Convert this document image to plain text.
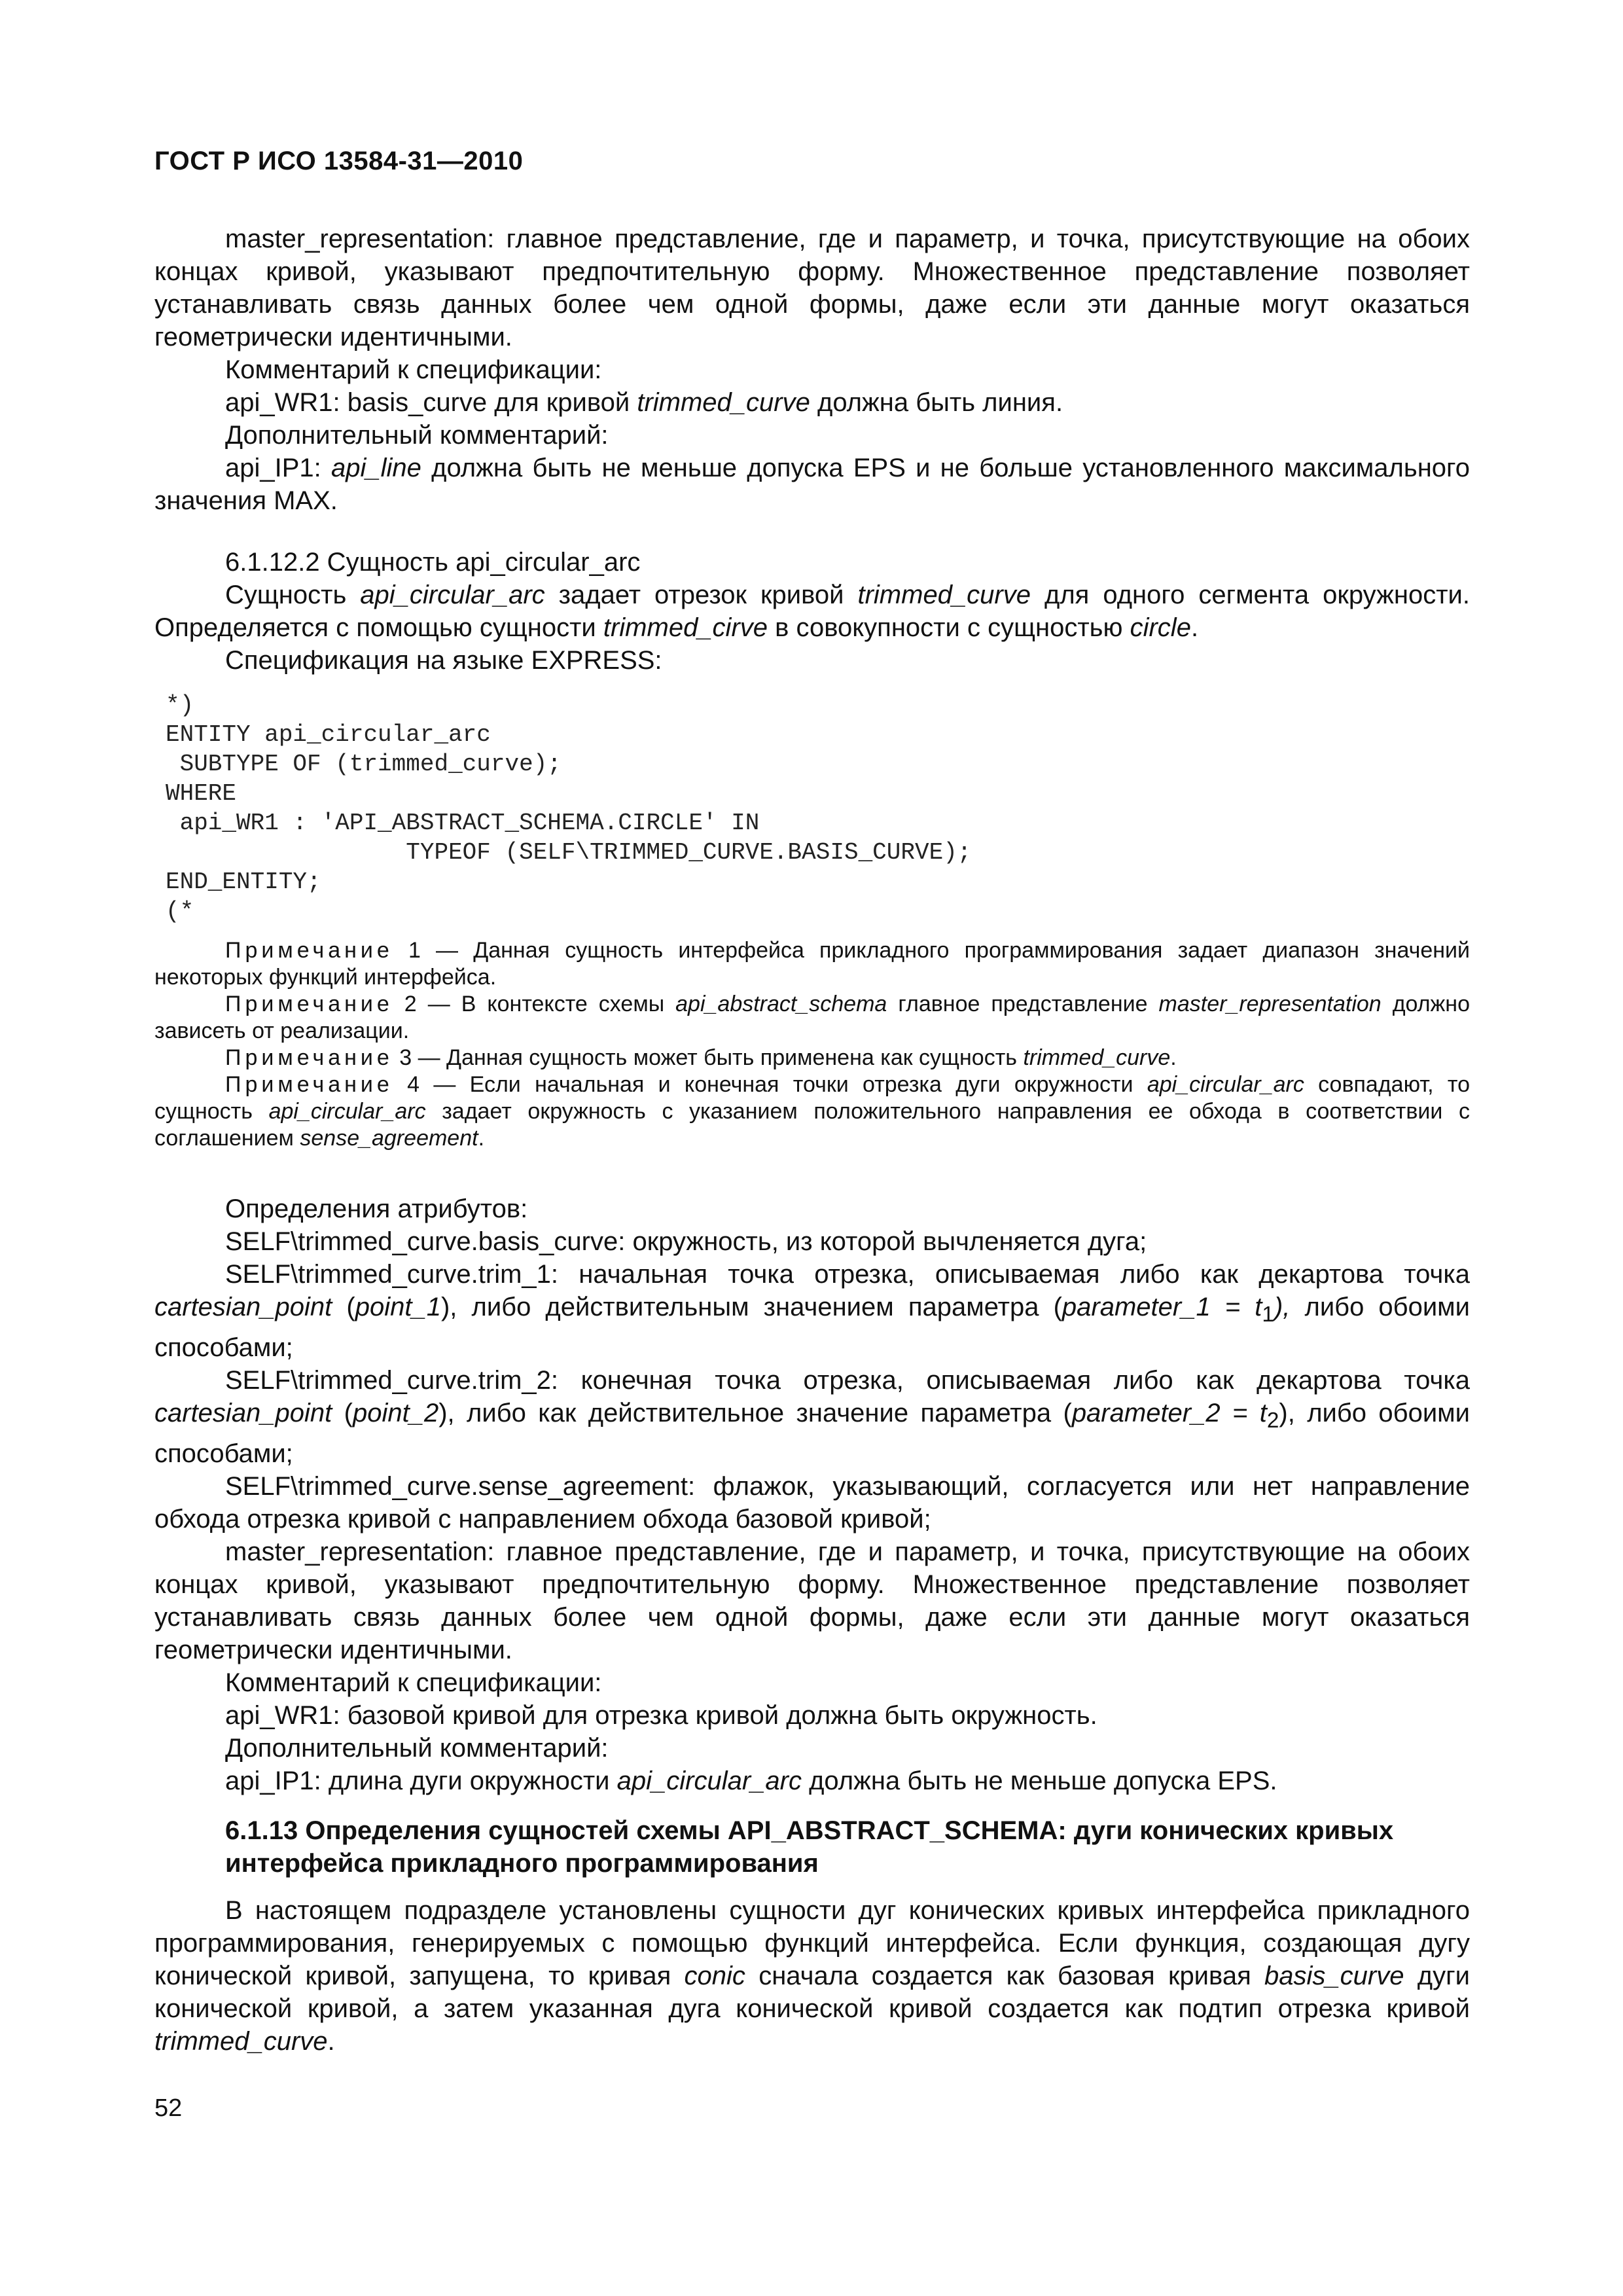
ГОСТ Р ИСО 13584-31—2010

master_representation: главное представление, где и параметр, и точка, присутствующие на обоих концах кривой, указывают предпочтительную форму. Множественное представление позволяет устанавливать связь данных более чем одной формы, даже если эти данные могут оказаться геометрически идентичными.

Комментарий к спецификации:

api_WR1: basis_curve для кривой trimmed_curve должна быть линия.

Дополнительный комментарий:

api_IP1: api_line должна быть не меньше допуска EPS и не больше установленного максимального значения MAX.

6.1.12.2 Сущность api_circular_arc

Сущность api_circular_arc задает отрезок кривой trimmed_curve для одного сегмента окружности. Определяется с помощью сущности trimmed_cirve в совокупности с сущностью circle.

Спецификация на языке EXPRESS:

*)
ENTITY api_circular_arc
SUBTYPE OF (trimmed_curve);
WHERE
api_WR1 : 'API_ABSTRACT_SCHEMA.CIRCLE' IN
TYPEOF (SELF\TRIMMED_CURVE.BASIS_CURVE);
END_ENTITY;
(*

Примечание 1 — Данная сущность интерфейса прикладного программирования задает диапазон значений некоторых функций интерфейса.

Примечание 2 — В контексте схемы api_abstract_schema главное представление master_representation должно зависеть от реализации.

Примечание 3 — Данная сущность может быть применена как сущность trimmed_curve.

Примечание 4 — Если начальная и конечная точки отрезка дуги окружности api_circular_arc совпадают, то сущность api_circular_arc задает окружность с указанием положительного направления ее обхода в соответствии с соглашением sense_agreement.

Определения атрибутов:

SELF\trimmed_curve.basis_curve: окружность, из которой вычленяется дуга;

SELF\trimmed_curve.trim_1: начальная точка отрезка, описываемая либо как декартова точка cartesian_point (point_1), либо действительным значением параметра (parameter_1 = $t_1$), либо обоими способами;

SELF\trimmed_curve.trim_2: конечная точка отрезка, описываемая либо как декартова точка cartesian_point (point_2), либо как действительное значение параметра (parameter_2 = $t_2$), либо обоими способами;

SELF\trimmed_curve.sense_agreement: флажок, указывающий, согласуется или нет направление обхода отрезка кривой с направлением обхода базовой кривой;

master_representation: главное представление, где и параметр, и точка, присутствующие на обоих концах кривой, указывают предпочтительную форму. Множественное представление позволяет устанавливать связь данных более чем одной формы, даже если эти данные могут оказаться геометрически идентичными.

Комментарий к спецификации:

api_WR1: базовой кривой для отрезка кривой должна быть окружность.

Дополнительный комментарий:

api_IP1: длина дуги окружности api_circular_arc должна быть не меньше допуска EPS.

6.1.13 Определения сущностей схемы API_ABSTRACT_SCHEMA: дуги конических кривых

интерфейса прикладного программирования

В настоящем подразделе установлены сущности дуг конических кривых интерфейса прикладного программирования, генерируемых с помощью функций интерфейса. Если функция, создающая дугу конической кривой, запущена, то кривая conic сначала создается как базовая кривая basis_curve дуги конической кривой, а затем указанная дуга конической кривой создается как подтип отрезка кривой trimmed_curve.

52
